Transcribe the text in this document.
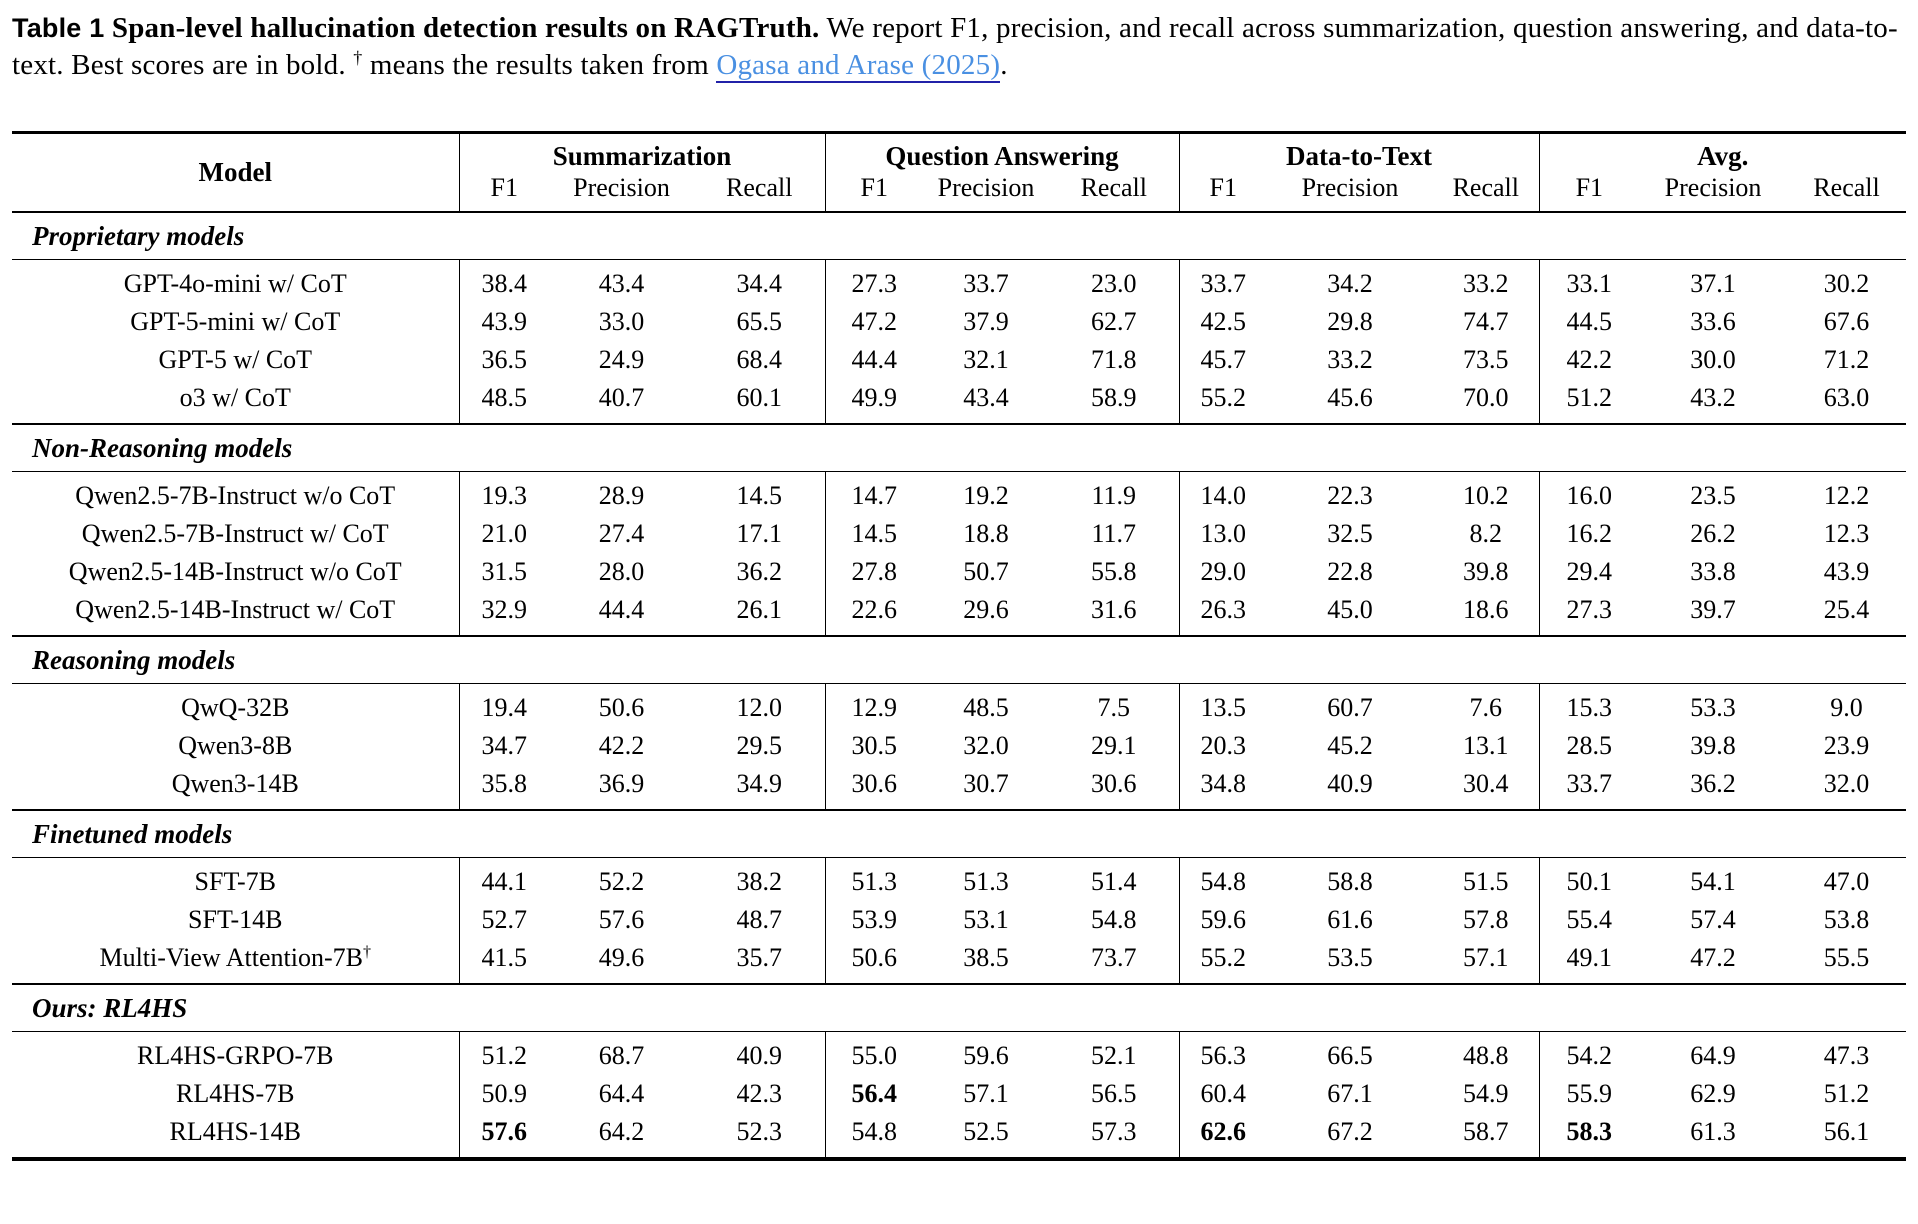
Table 1 Span-level hallucination detection results on RAGTruth. We report F1, precision, and recall across summarization, question answering, and data-to-text. Best scores are in bold. † means the results taken from Ogasa and Arase (2025).
Model	Summarization			Question Answering			Data-to-Text			Avg.		
	F1	Precision	Recall	F1	Precision	Recall	F1	Precision	Recall	F1	Precision	Recall
Proprietary models												
GPT-4o-mini w/ CoT	38.4	43.4	34.4	27.3	33.7	23.0	33.7	34.2	33.2	33.1	37.1	30.2
GPT-5-mini w/ CoT	43.9	33.0	65.5	47.2	37.9	62.7	42.5	29.8	74.7	44.5	33.6	67.6
GPT-5 w/ CoT	36.5	24.9	68.4	44.4	32.1	71.8	45.7	33.2	73.5	42.2	30.0	71.2
o3 w/ CoT	48.5	40.7	60.1	49.9	43.4	58.9	55.2	45.6	70.0	51.2	43.2	63.0
Non-Reasoning models												
Qwen2.5-7B-Instruct w/o CoT	19.3	28.9	14.5	14.7	19.2	11.9	14.0	22.3	10.2	16.0	23.5	12.2
Qwen2.5-7B-Instruct w/ CoT	21.0	27.4	17.1	14.5	18.8	11.7	13.0	32.5	8.2	16.2	26.2	12.3
Qwen2.5-14B-Instruct w/o CoT	31.5	28.0	36.2	27.8	50.7	55.8	29.0	22.8	39.8	29.4	33.8	43.9
Qwen2.5-14B-Instruct w/ CoT	32.9	44.4	26.1	22.6	29.6	31.6	26.3	45.0	18.6	27.3	39.7	25.4
Reasoning models												
QwQ-32B	19.4	50.6	12.0	12.9	48.5	7.5	13.5	60.7	7.6	15.3	53.3	9.0
Qwen3-8B	34.7	42.2	29.5	30.5	32.0	29.1	20.3	45.2	13.1	28.5	39.8	23.9
Qwen3-14B	35.8	36.9	34.9	30.6	30.7	30.6	34.8	40.9	30.4	33.7	36.2	32.0
Finetuned models												
SFT-7B	44.1	52.2	38.2	51.3	51.3	51.4	54.8	58.8	51.5	50.1	54.1	47.0
SFT-14B	52.7	57.6	48.7	53.9	53.1	54.8	59.6	61.6	57.8	55.4	57.4	53.8
Multi-View Attention-7B†	41.5	49.6	35.7	50.6	38.5	73.7	55.2	53.5	57.1	49.1	47.2	55.5
Ours: RL4HS												
RL4HS-GRPO-7B	51.2	68.7	40.9	55.0	59.6	52.1	56.3	66.5	48.8	54.2	64.9	47.3
RL4HS-7B	50.9	64.4	42.3	56.4	57.1	56.5	60.4	67.1	54.9	55.9	62.9	51.2
RL4HS-14B	57.6	64.2	52.3	54.8	52.5	57.3	62.6	67.2	58.7	58.3	61.3	56.1
